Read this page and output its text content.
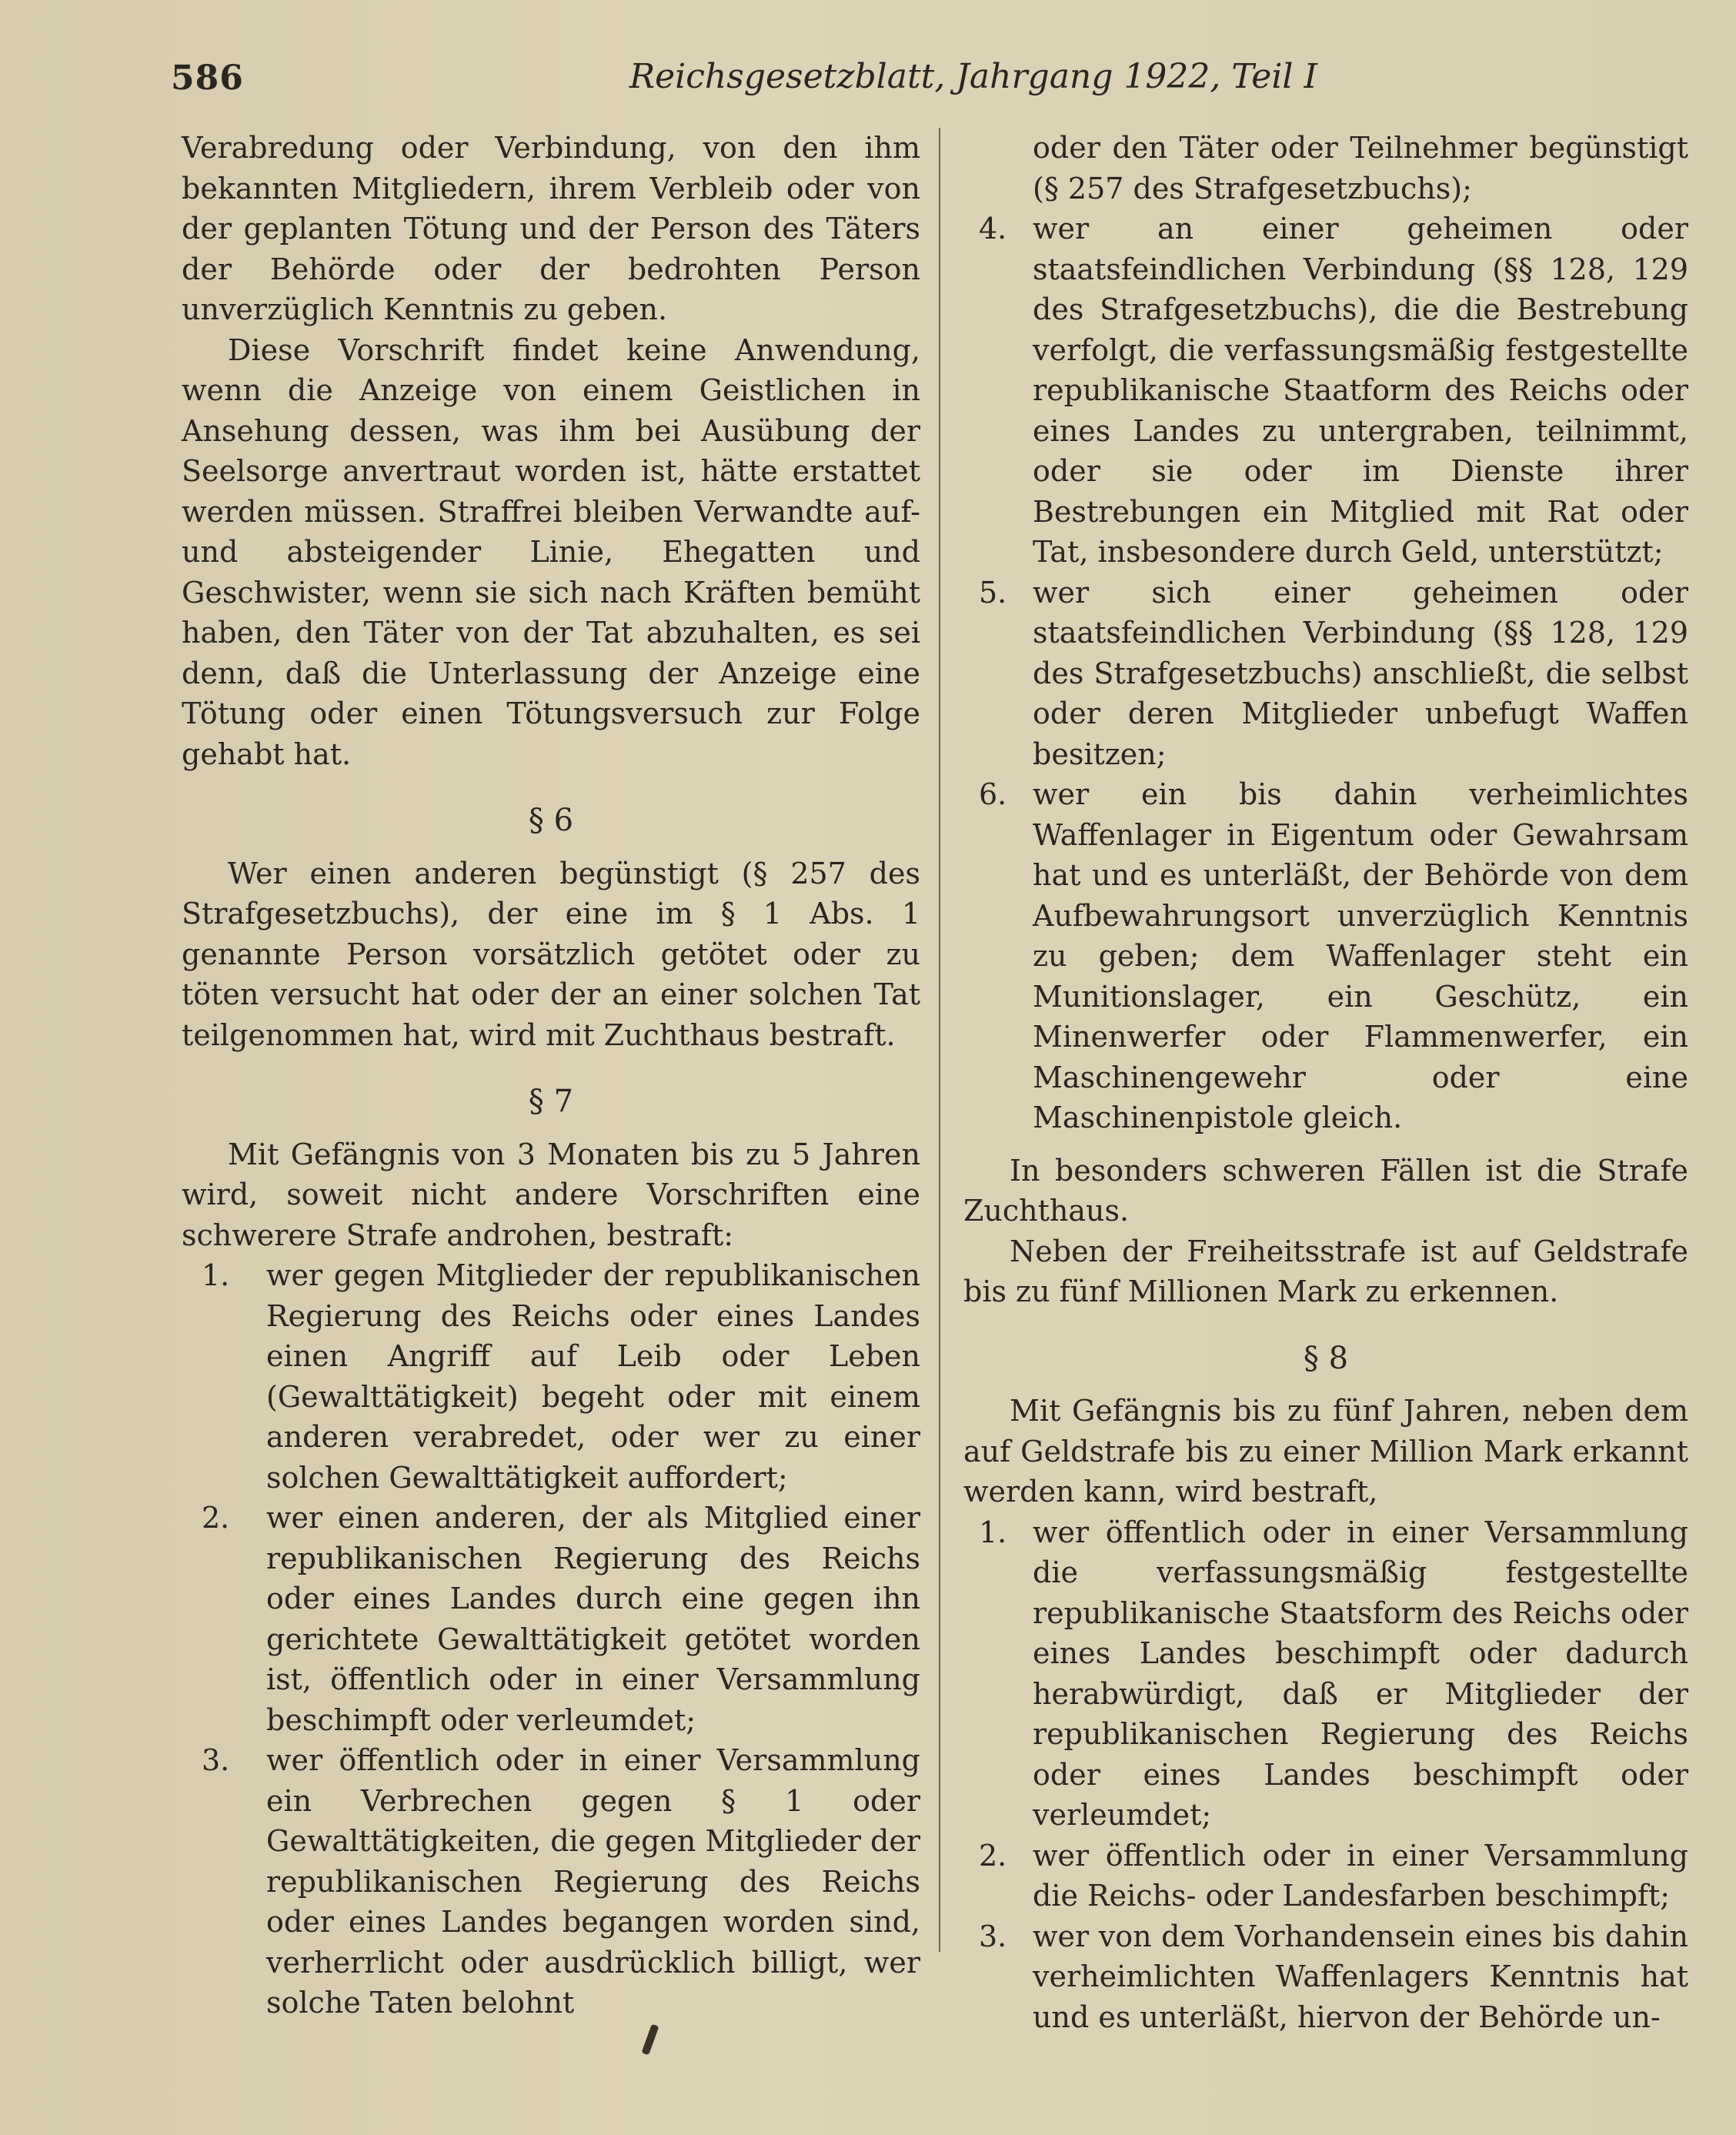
586	Reichsgesetzblatt, Jahrgang 1922, Teil I

Verabredung oder Verbindung, von den ihm bekannten Mitgliedern, ihrem Verbleib oder von der geplanten Tötung und der Person des Täters der Behörde oder der bedrohten Person unverzüglich Kenntnis zu geben.

Diese Vorschrift findet keine Anwendung, wenn die Anzeige von einem Geistlichen in Ansehung dessen, was ihm bei Ausübung der Seelsorge anvertraut worden ist, hätte erstattet werden müssen. Straffrei bleiben Verwandte auf- und absteigender Linie, Ehegatten und Geschwister, wenn sie sich nach Kräften bemüht haben, den Täter von der Tat abzuhalten, es sei denn, daß die Unterlassung der Anzeige eine Tötung oder einen Tötungsversuch zur Folge gehabt hat.

§ 6

Wer einen anderen begünstigt (§ 257 des Strafgesetzbuchs), der eine im § 1 Abs. 1 genannte Person vorsätzlich getötet oder zu töten versucht hat oder der an einer solchen Tat teilgenommen hat, wird mit Zuchthaus bestraft.

§ 7

Mit Gefängnis von 3 Monaten bis zu 5 Jahren wird, soweit nicht andere Vorschriften eine schwerere Strafe androhen, bestraft:

1.	wer gegen Mitglieder der republikanischen Regierung des Reichs oder eines Landes einen Angriff auf Leib oder Leben (Gewalttätigkeit) begeht oder mit einem anderen verabredet, oder wer zu einer solchen Gewalttätigkeit auffordert;
2.	wer einen anderen, der als Mitglied einer republikanischen Regierung des Reichs oder eines Landes durch eine gegen ihn gerichtete Gewalttätigkeit getötet worden ist, öffentlich oder in einer Versammlung beschimpft oder verleumdet;
3.	wer öffentlich oder in einer Versammlung ein Verbrechen gegen § 1 oder Gewalttätigkeiten, die gegen Mitglieder der republikanischen Regierung des Reichs oder eines Landes begangen worden sind, verherrlicht oder ausdrücklich billigt, wer solche Taten belohnt
oder den Täter oder Teilnehmer begünstigt (§ 257 des Strafgesetzbuchs);
4. wer an einer geheimen oder staatsfeindlichen Verbindung (§§ 128, 129 des Strafgesetzbuchs), die die Bestrebung verfolgt, die verfassungsmäßig festgestellte republikanische Staatform des Reichs oder eines Landes zu untergraben, teilnimmt, oder sie oder im Dienste ihrer Bestrebungen ein Mitglied mit Rat oder Tat, insbesondere durch Geld, unterstützt;
5. wer sich einer geheimen oder staatsfeindlichen Verbindung (§§ 128, 129 des Strafgesetzbuchs) anschließt, die selbst oder deren Mitglieder unbefugt Waffen besitzen;
6. wer ein bis dahin verheimlichtes Waffenlager in Eigentum oder Gewahrsam hat und es unterläßt, der Behörde von dem Aufbewahrungsort unverzüglich Kenntnis zu geben; dem Waffenlager steht ein Munitionslager, ein Geschütz, ein Minenwerfer oder Flammenwerfer, ein Maschinengewehr oder eine Maschinenpistole gleich.

In besonders schweren Fällen ist die Strafe Zuchthaus.

Neben der Freiheitsstrafe ist auf Geldstrafe bis zu fünf Millionen Mark zu erkennen.

§ 8

Mit Gefängnis bis zu fünf Jahren, neben dem auf Geldstrafe bis zu einer Million Mark erkannt werden kann, wird bestraft,

1. wer öffentlich oder in einer Versammlung die verfassungsmäßig festgestellte republikanische Staatsform des Reichs oder eines Landes beschimpft oder dadurch herabwürdigt, daß er Mitglieder der republikanischen Regierung des Reichs oder eines Landes beschimpft oder verleumdet;
2. wer öffentlich oder in einer Versammlung die Reichs- oder Landesfarben beschimpft;
3. wer von dem Vorhandensein eines bis dahin verheimlichten Waffenlagers Kenntnis hat und es unterläßt, hiervon der Behörde un-
